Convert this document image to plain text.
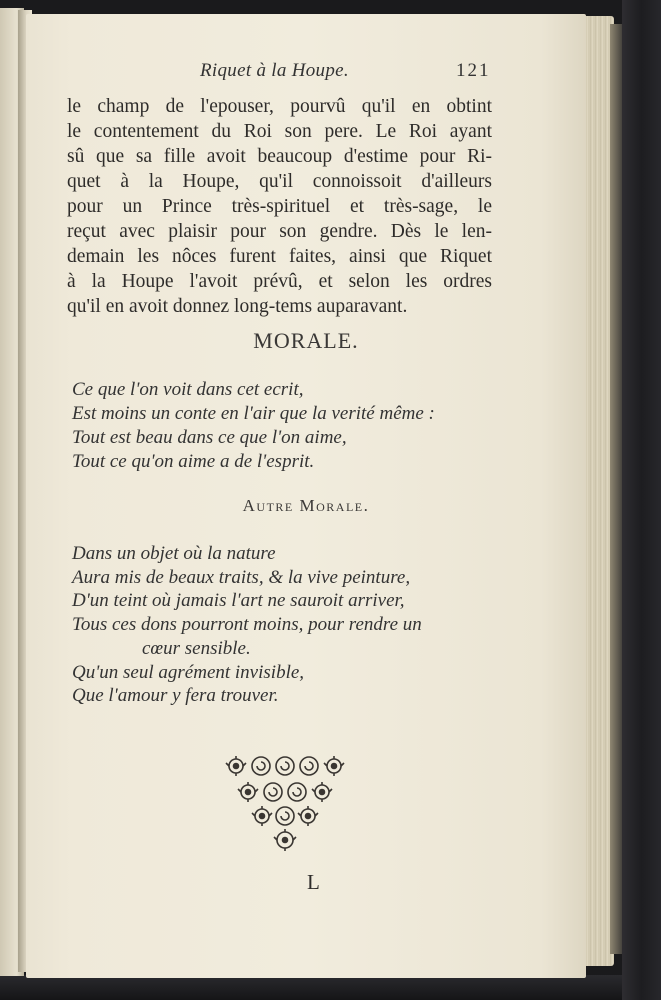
Riquet à la Houpe.	121
le champ de l'epouser, pourvû qu'il en obtint
le contentement du Roi son pere. Le Roi ayant
sû que sa fille avoit beaucoup d'estime pour Ri-
quet à la Houpe, qu'il connoissoit d'ailleurs
pour un Prince très-spirituel et très-sage, le
reçut avec plaisir pour son gendre. Dès le len-
demain les nôces furent faites, ainsi que Riquet
à la Houpe l'avoit prévû, et selon les ordres
qu'il en avoit donnez long-tems auparavant.
MORALE.
Ce que l'on voit dans cet ecrit,
Est moins un conte en l'air que la verité même :
Tout est beau dans ce que l'on aime,
Tout ce qu'on aime a de l'esprit.
Autre Morale.
Dans un objet où la nature
Aura mis de beaux traits, & la vive peinture,
D'un teint où jamais l'art ne sauroit arriver,
Tous ces dons pourront moins, pour rendre un
cœur sensible.
Qu'un seul agrément invisible,
Que l'amour y fera trouver.
L
